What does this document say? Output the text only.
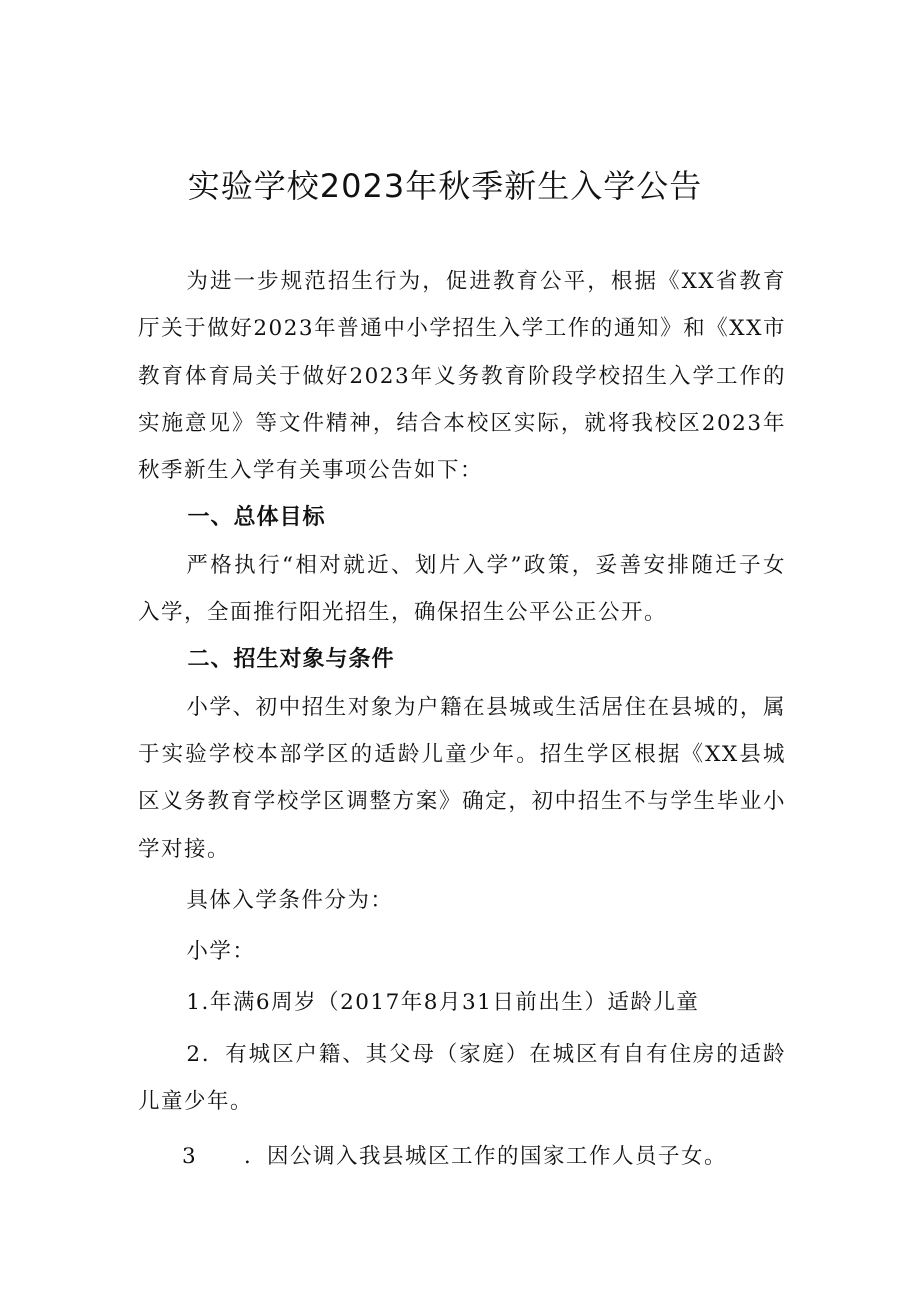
实验学校2023年秋季新生入学公告

为进一步规范招生行为，促进教育公平，根据《XX省教育厅关于做好2023年普通中小学招生入学工作的通知》和《XX市教育体育局关于做好2023年义务教育阶段学校招生入学工作的实施意见》等文件精神，结合本校区实际，就将我校区2023年秋季新生入学有关事项公告如下：

一、总体目标

严格执行“相对就近、划片入学”政策，妥善安排随迁子女入学，全面推行阳光招生，确保招生公平公正公开。

二、招生对象与条件

小学、初中招生对象为户籍在县城或生活居住在县城的，属于实验学校本部学区的适龄儿童少年。招生学区根据《XX县城区义务教育学校学区调整方案》确定，初中招生不与学生毕业小学对接。

具体入学条件分为：

小学：

1.年满6周岁（2017年8月31日前出生）适龄儿童

2．有城区户籍、其父母（家庭）在城区有自有住房的适龄儿童少年。

3 ．因公调入我县城区工作的国家工作人员子女。
